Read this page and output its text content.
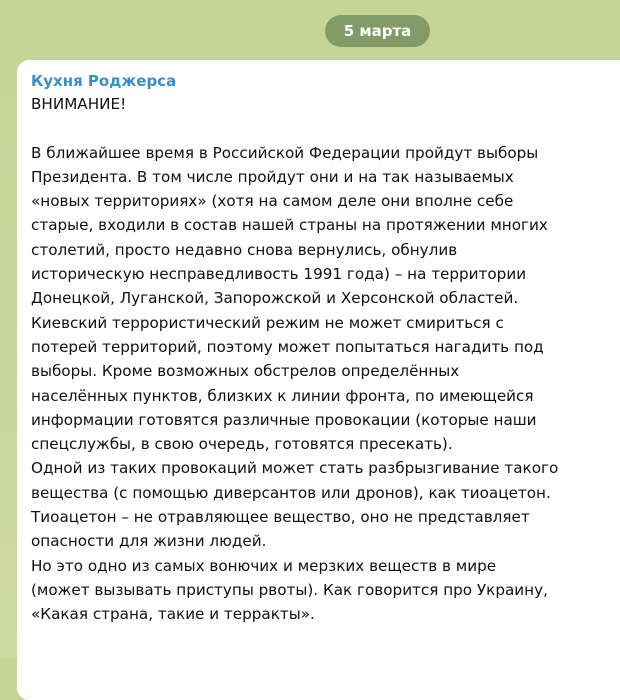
5 марта

Кухня Роджерса

ВНИМАНИЕ!
В ближайшее время в Российской Федерации пройдут выборы
Президента. В том числе пройдут они и на так называемых
«новых территориях» (хотя на самом деле они вполне себе
старые, входили в состав нашей страны на протяжении многих
столетий, просто недавно снова вернулись, обнулив
историческую несправедливость 1991 года) – на территории
Донецкой, Луганской, Запорожской и Херсонской областей.
Киевский террористический режим не может смириться с
потерей территорий, поэтому может попытаться нагадить под
выборы. Кроме возможных обстрелов определённых
населённых пунктов, близких к линии фронта, по имеющейся
информации готовятся различные провокации (которые наши
спецслужбы, в свою очередь, готовятся пресекать).
Одной из таких провокаций может стать разбрызгивание такого
вещества (с помощью диверсантов или дронов), как тиоацетон.
Тиоацетон – не отравляющее вещество, оно не представляет
опасности для жизни людей.
Но это одно из самых вонючих и мерзких веществ в мире
(может вызывать приступы рвоты). Как говорится про Украину,
«Какая страна, такие и терракты».
